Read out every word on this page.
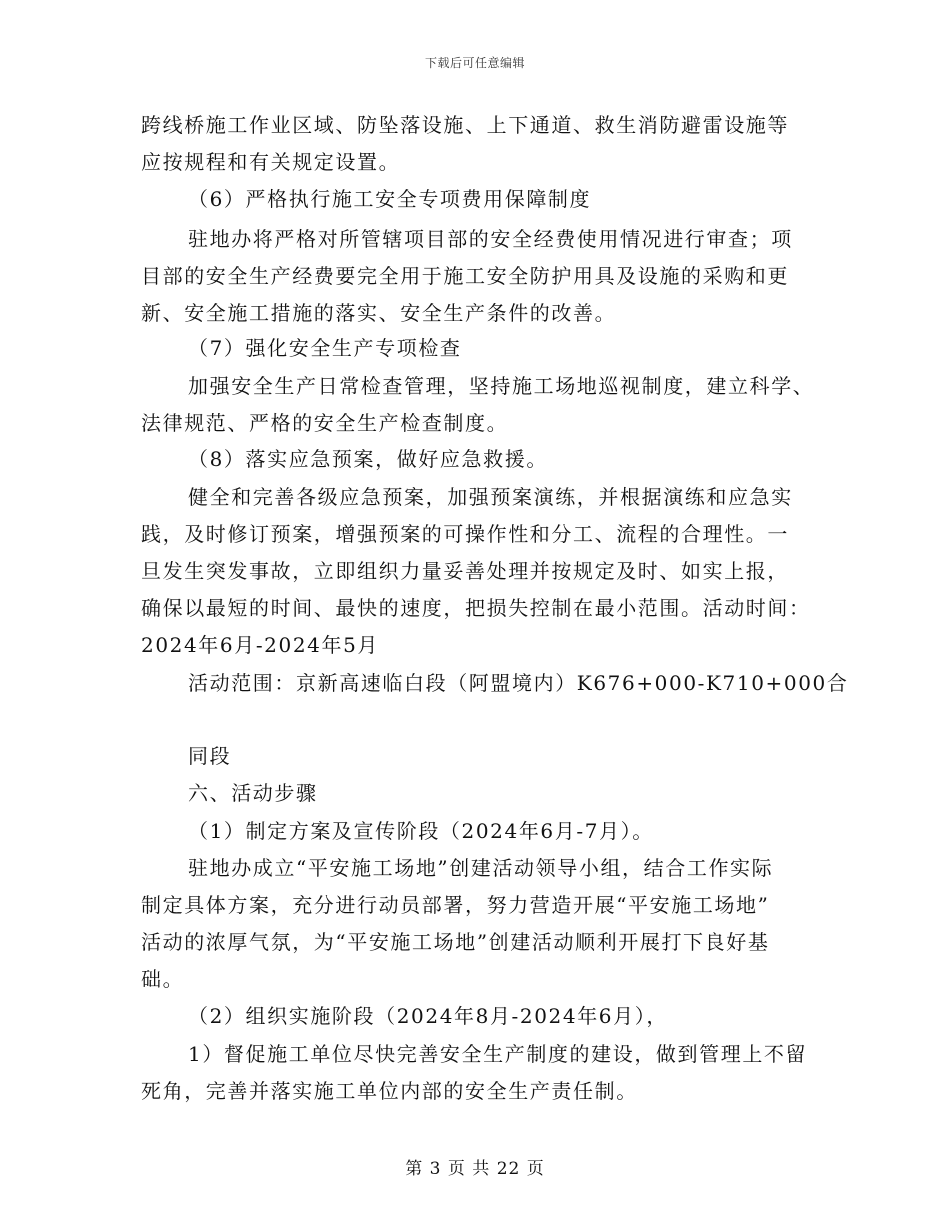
下载后可任意编辑
跨线桥施工作业区域、防坠落设施、上下通道、救生消防避雷设施等
应按规程和有关规定设置。
（6）严格执行施工安全专项费用保障制度
驻地办将严格对所管辖项目部的安全经费使用情况进行审查；项
目部的安全生产经费要完全用于施工安全防护用具及设施的采购和更
新、安全施工措施的落实、安全生产条件的改善。
（7）强化安全生产专项检查
加强安全生产日常检查管理，坚持施工场地巡视制度，建立科学、
法律规范、严格的安全生产检查制度。
（8）落实应急预案，做好应急救援。
健全和完善各级应急预案，加强预案演练，并根据演练和应急实
践，及时修订预案，增强预案的可操作性和分工、流程的合理性。一
旦发生突发事故，立即组织力量妥善处理并按规定及时、如实上报，
确保以最短的时间、最快的速度，把损失控制在最小范围。活动时间：
2024年6月-2024年5月
活动范围：京新高速临白段（阿盟境内）K676+000-K710+000合
同段
六、活动步骤
（1）制定方案及宣传阶段（2024年6月-7月）。
驻地办成立“平安施工场地”创建活动领导小组，结合工作实际
制定具体方案，充分进行动员部署，努力营造开展“平安施工场地”
活动的浓厚气氛，为“平安施工场地”创建活动顺利开展打下良好基
础。
（2）组织实施阶段（2024年8月-2024年6月），
1）督促施工单位尽快完善安全生产制度的建设，做到管理上不留
死角，完善并落实施工单位内部的安全生产责任制。
第 3 页 共 22 页
